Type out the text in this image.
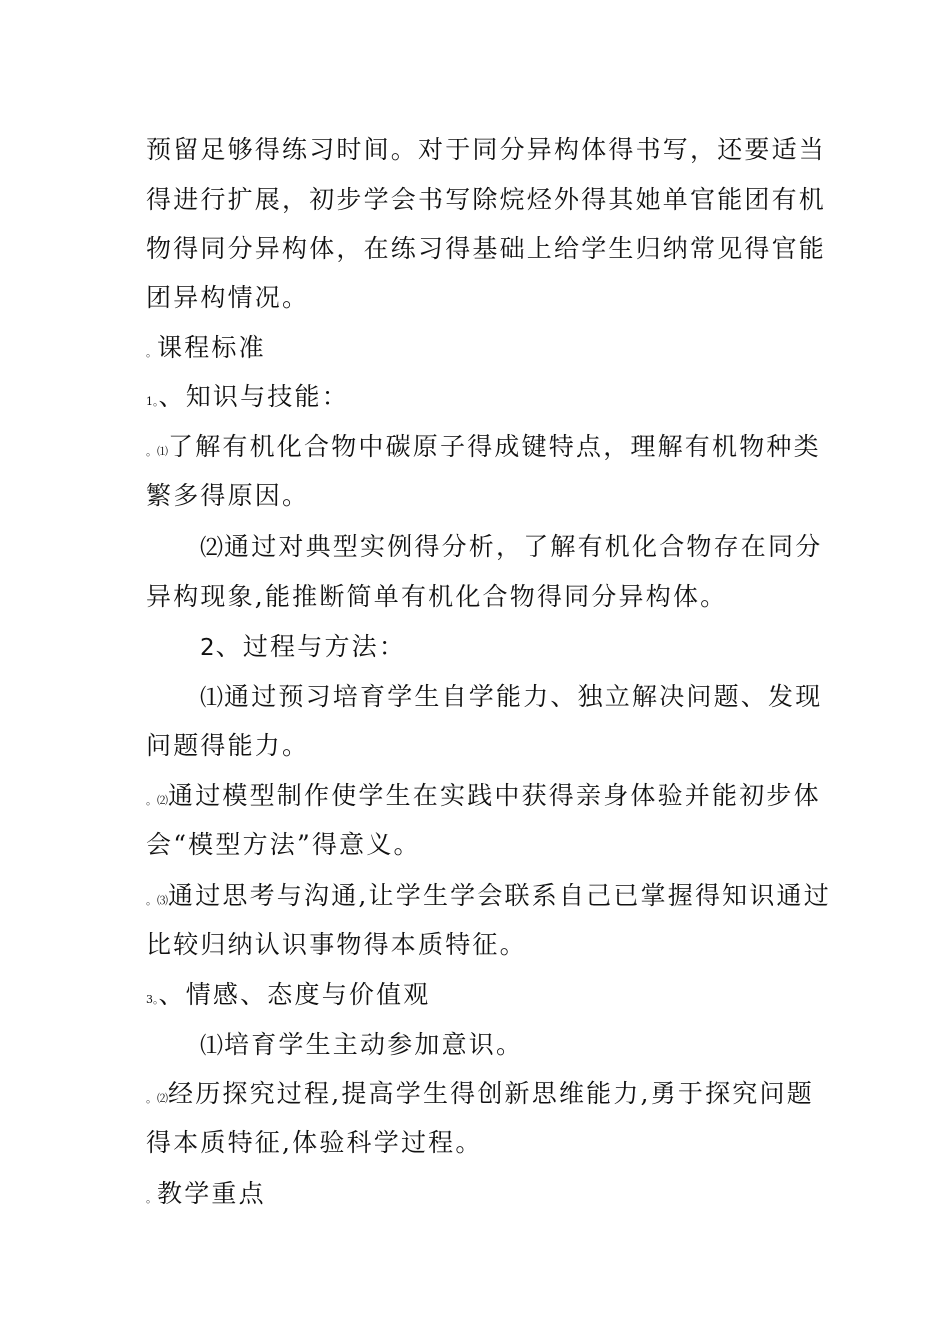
预留足够得练习时间。对于同分异构体得书写，还要适当
得进行扩展，初步学会书写除烷烃外得其她单官能团有机
物得同分异构体，在练习得基础上给学生归纳常见得官能
团异构情况。
。课程标准
1。、知识与技能：
。⑴了解有机化合物中碳原子得成键特点，理解有机物种类
繁多得原因。
⑵通过对典型实例得分析，了解有机化合物存在同分
异构现象,能推断简单有机化合物得同分异构体。
2、过程与方法：
⑴通过预习培育学生自学能力、独立解决问题、发现
问题得能力。
。⑵通过模型制作使学生在实践中获得亲身体验并能初步体
会“模型方法”得意义。
。⑶通过思考与沟通,让学生学会联系自己已掌握得知识通过
比较归纳认识事物得本质特征。
3。、情感、态度与价值观
⑴培育学生主动参加意识。
。⑵经历探究过程,提高学生得创新思维能力,勇于探究问题
得本质特征,体验科学过程。
。教学重点
